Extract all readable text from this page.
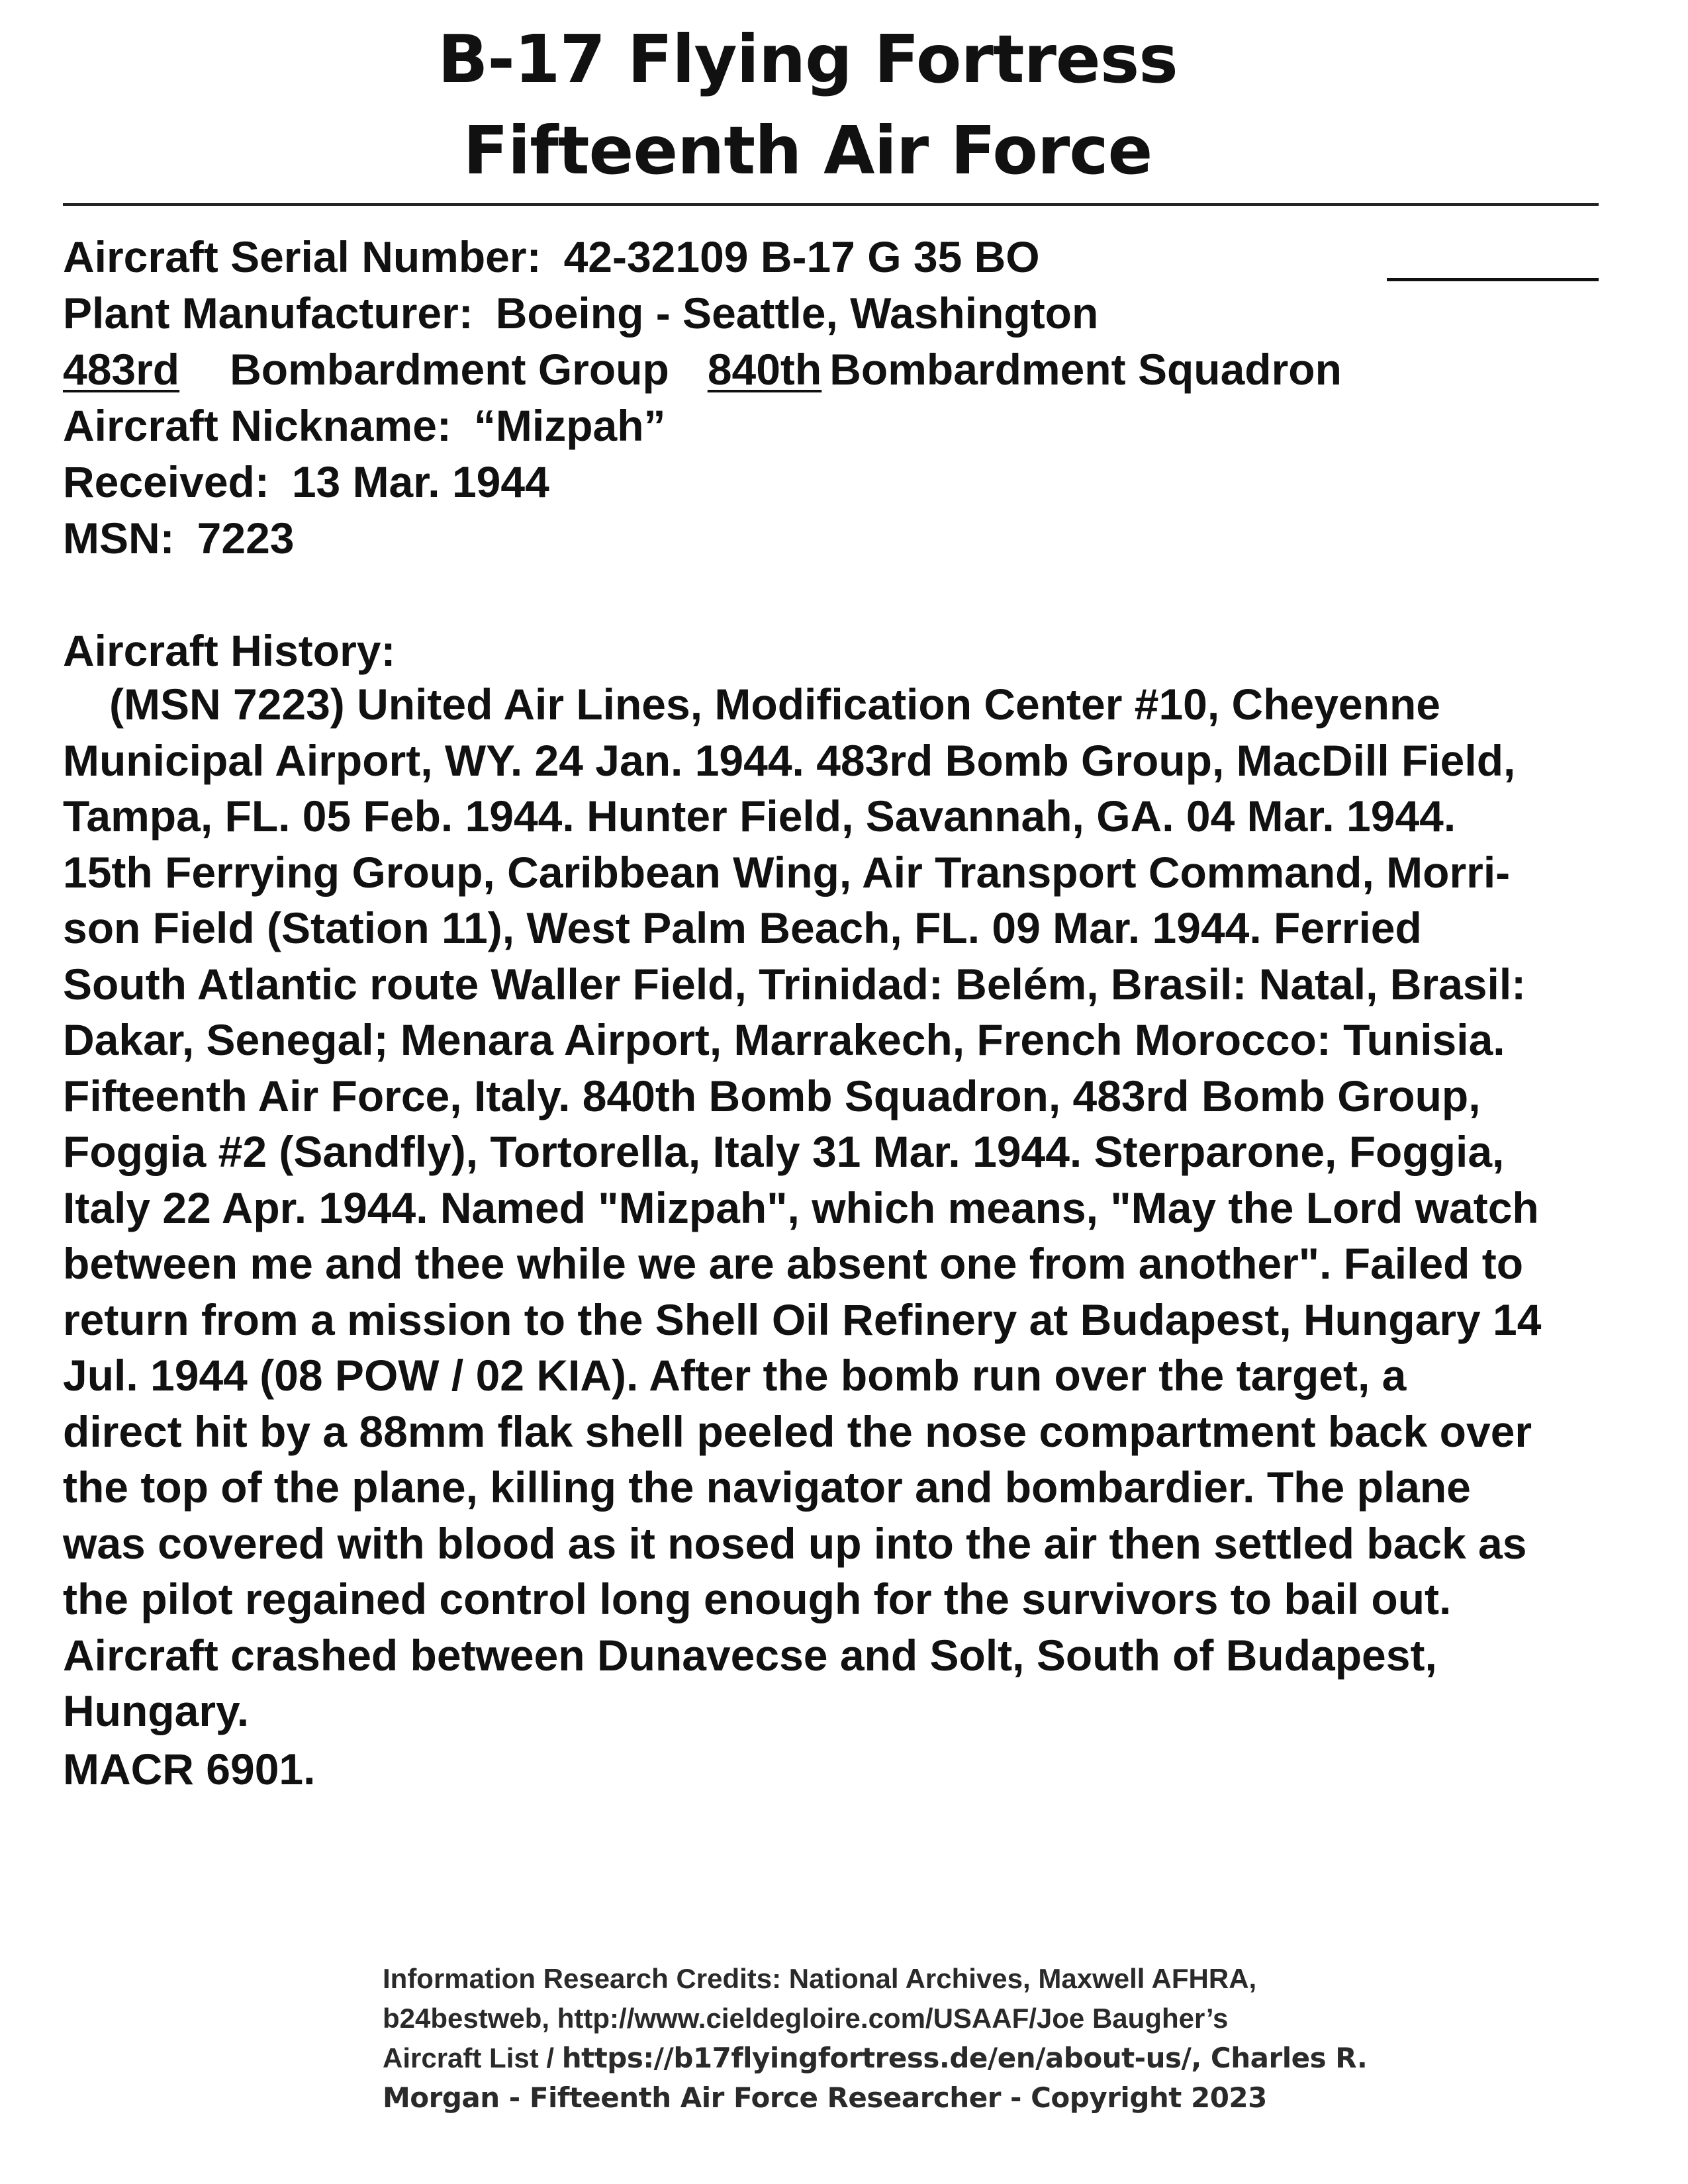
B-17 Flying Fortress
Fifteenth Air Force
Aircraft Serial Number: 42-32109 B-17 G 35 BO
Plant Manufacturer: Boeing - Seattle, Washington
483rd Bombardment Group 840th Bombardment Squadron
Aircraft Nickname: “Mizpah”
Received: 13 Mar. 1944
MSN: 7223
Aircraft History:
(MSN 7223) United Air Lines, Modification Center #10, Cheyenne
Municipal Airport, WY. 24 Jan. 1944. 483rd Bomb Group, MacDill Field,
Tampa, FL. 05 Feb. 1944. Hunter Field, Savannah, GA. 04 Mar. 1944.
15th Ferrying Group, Caribbean Wing, Air Transport Command, Morri-
son Field (Station 11), West Palm Beach, FL. 09 Mar. 1944. Ferried
South Atlantic route Waller Field, Trinidad: Belém, Brasil: Natal, Brasil:
Dakar, Senegal; Menara Airport, Marrakech, French Morocco: Tunisia.
Fifteenth Air Force, Italy. 840th Bomb Squadron, 483rd Bomb Group,
Foggia #2 (Sandfly), Tortorella, Italy 31 Mar. 1944. Sterparone, Foggia,
Italy 22 Apr. 1944. Named "Mizpah", which means, "May the Lord watch
between me and thee while we are absent one from another". Failed to
return from a mission to the Shell Oil Refinery at Budapest, Hungary 14
Jul. 1944 (08 POW / 02 KIA). After the bomb run over the target, a
direct hit by a 88mm flak shell peeled the nose compartment back over
the top of the plane, killing the navigator and bombardier. The plane
was covered with blood as it nosed up into the air then settled back as
the pilot regained control long enough for the survivors to bail out.
Aircraft crashed between Dunavecse and Solt, South of Budapest,
Hungary.
MACR 6901.
Information Research Credits: National Archives, Maxwell AFHRA,
b24bestweb, http://www.cieldegloire.com/USAAF/Joe Baugher’s
Aircraft List / https://b17flyingfortress.de/en/about-us/, Charles R.
Morgan - Fifteenth Air Force Researcher - Copyright 2023
